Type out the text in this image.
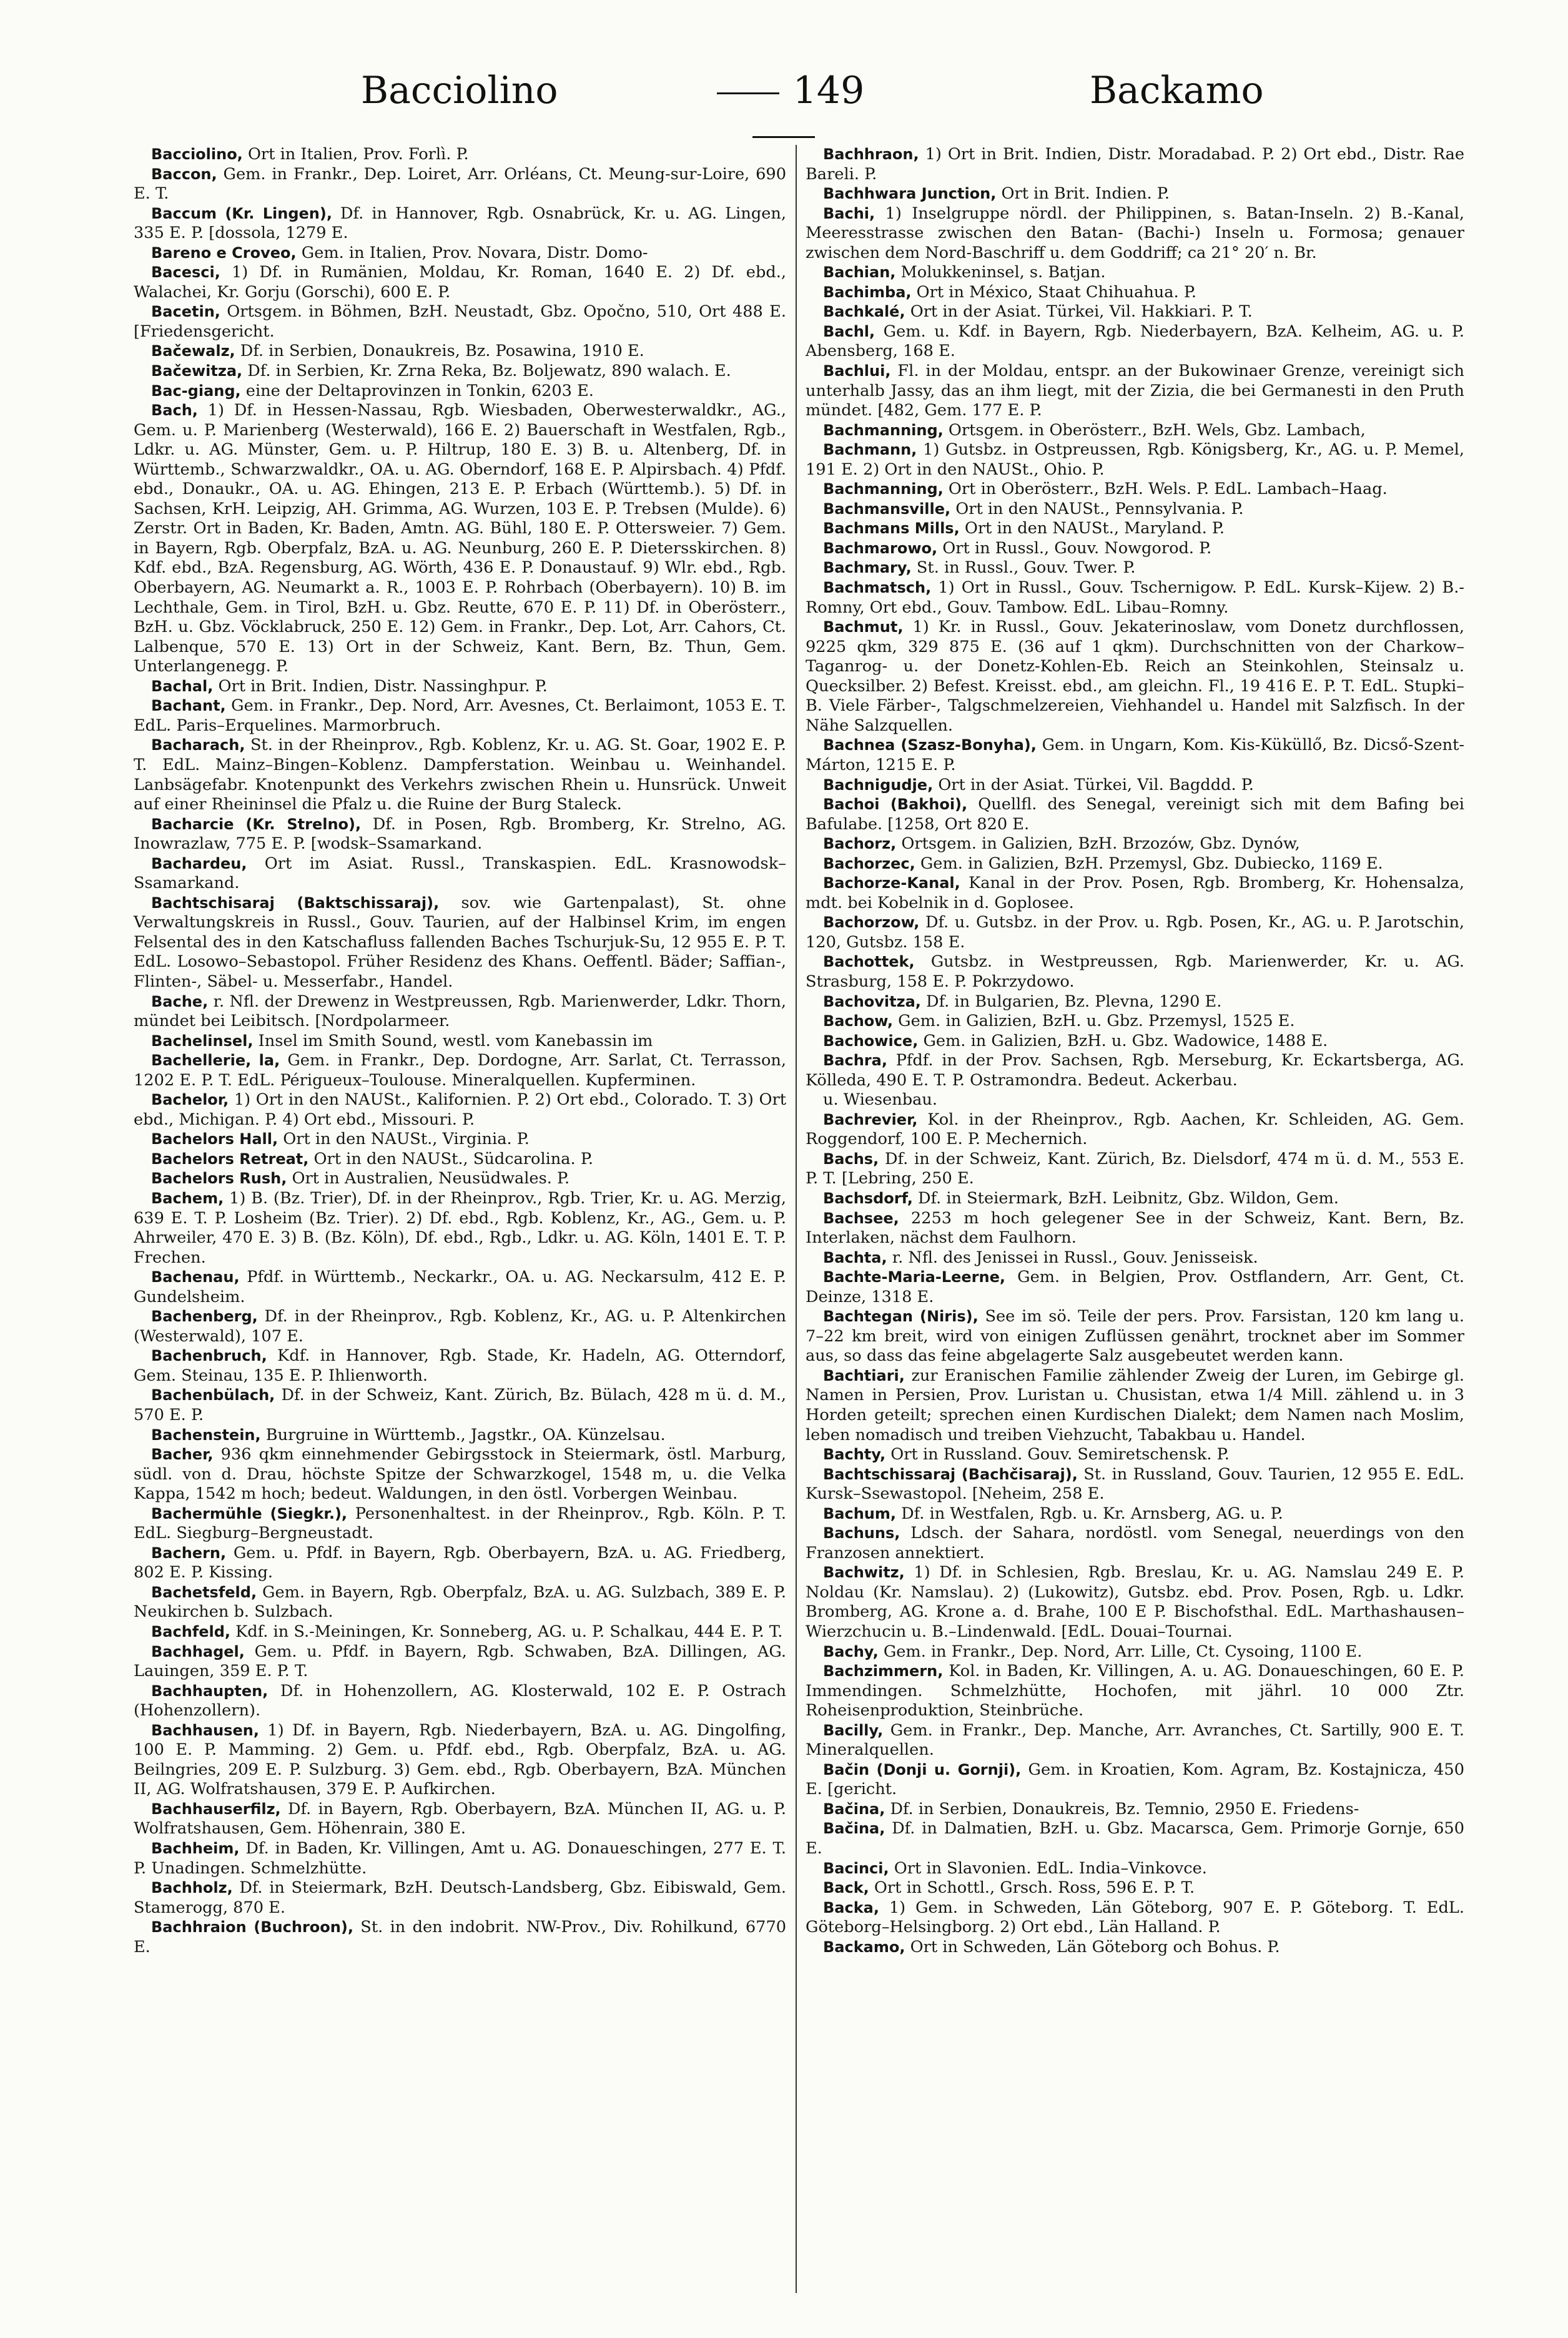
Bacciolino	149	Backamo

Bacciolino, Ort in Italien, Prov. Forlì. P.

Baccon, Gem. in Frankr., Dep. Loiret, Arr. Orléans, Ct. Meung-sur-Loire, 690 E. T.

Baccum (Kr. Lingen), Df. in Hannover, Rgb. Osnabrück, Kr. u. AG. Lingen, 335 E. P. [dossola, 1279 E.

Bareno e Croveo, Gem. in Italien, Prov. Novara, Distr. Domo-

Bacesci, 1) Df. in Rumänien, Moldau, Kr. Roman, 1640 E. 2) Df. ebd., Walachei, Kr. Gorju (Gorschi), 600 E. P.

Bacetin, Ortsgem. in Böhmen, BzH. Neustadt, Gbz. Opočno, 510, Ort 488 E. [Friedensgericht.

Bačewalz, Df. in Serbien, Donaukreis, Bz. Posawina, 1910 E.

Bačewitza, Df. in Serbien, Kr. Zrna Reka, Bz. Boljewatz, 890 walach. E.

Bac-giang, eine der Deltaprovinzen in Tonkin, 6203 E.

Bach, 1) Df. in Hessen-Nassau, Rgb. Wiesbaden, Oberwesterwaldkr., AG., Gem. u. P. Marienberg (Westerwald), 166 E. 2) Bauerschaft in Westfalen, Rgb., Ldkr. u. AG. Münster, Gem. u. P. Hiltrup, 180 E. 3) B. u. Altenberg, Df. in Württemb., Schwarzwaldkr., OA. u. AG. Oberndorf, 168 E. P. Alpirsbach. 4) Pfdf. ebd., Donaukr., OA. u. AG. Ehingen, 213 E. P. Erbach (Württemb.). 5) Df. in Sachsen, KrH. Leipzig, AH. Grimma, AG. Wurzen, 103 E. P. Trebsen (Mulde). 6) Zerstr. Ort in Baden, Kr. Baden, Amtn. AG. Bühl, 180 E. P. Ottersweier. 7) Gem. in Bayern, Rgb. Oberpfalz, BzA. u. AG. Neunburg, 260 E. P. Dietersskirchen. 8) Kdf. ebd., BzA. Regensburg, AG. Wörth, 436 E. P. Donaustauf. 9) Wlr. ebd., Rgb. Oberbayern, AG. Neumarkt a. R., 1003 E. P. Rohrbach (Oberbayern). 10) B. im Lechthale, Gem. in Tirol, BzH. u. Gbz. Reutte, 670 E. P. 11) Df. in Oberösterr., BzH. u. Gbz. Vöcklabruck, 250 E. 12) Gem. in Frankr., Dep. Lot, Arr. Cahors, Ct. Lalbenque, 570 E. 13) Ort in der Schweiz, Kant. Bern, Bz. Thun, Gem. Unterlangenegg. P.

Bachal, Ort in Brit. Indien, Distr. Nassinghpur. P.

Bachant, Gem. in Frankr., Dep. Nord, Arr. Avesnes, Ct. Berlaimont, 1053 E. T. EdL. Paris–Erquelines. Marmorbruch.

Bacharach, St. in der Rheinprov., Rgb. Koblenz, Kr. u. AG. St. Goar, 1902 E. P. T. EdL. Mainz–Bingen–Koblenz. Dampferstation. Weinbau u. Weinhandel. Lanbsägefabr. Knotenpunkt des Verkehrs zwischen Rhein u. Hunsrück. Unweit auf einer Rheininsel die Pfalz u. die Ruine der Burg Staleck.

Bacharcie (Kr. Strelno), Df. in Posen, Rgb. Bromberg, Kr. Strelno, AG. Inowrazlaw, 775 E. P. [wodsk–Ssamarkand.

Bachardeu, Ort im Asiat. Russl., Transkaspien. EdL. Krasnowodsk–Ssamarkand.

Bachtschisaraj (Baktschissaraj), sov. wie Gartenpalast), St. ohne Verwaltungskreis in Russl., Gouv. Taurien, auf der Halbinsel Krim, im engen Felsental des in den Katschafluss fallenden Baches Tschurjuk-Su, 12 955 E. P. T. EdL. Losowo–Sebastopol. Früher Residenz des Khans. Oeffentl. Bäder; Saffian-, Flinten-, Säbel- u. Messerfabr., Handel.

Bache, r. Nfl. der Drewenz in Westpreussen, Rgb. Marienwerder, Ldkr. Thorn, mündet bei Leibitsch. [Nordpolarmeer.

Bachelinsel, Insel im Smith Sound, westl. vom Kanebassin im

Bachellerie, la, Gem. in Frankr., Dep. Dordogne, Arr. Sarlat, Ct. Terrasson, 1202 E. P. T. EdL. Périgueux–Toulouse. Mineralquellen. Kupferminen.

Bachelor, 1) Ort in den NAUSt., Kalifornien. P. 2) Ort ebd., Colorado. T. 3) Ort ebd., Michigan. P. 4) Ort ebd., Missouri. P.

Bachelors Hall, Ort in den NAUSt., Virginia. P.

Bachelors Retreat, Ort in den NAUSt., Südcarolina. P.

Bachelors Rush, Ort in Australien, Neusüdwales. P.

Bachem, 1) B. (Bz. Trier), Df. in der Rheinprov., Rgb. Trier, Kr. u. AG. Merzig, 639 E. T. P. Losheim (Bz. Trier). 2) Df. ebd., Rgb. Koblenz, Kr., AG., Gem. u. P. Ahrweiler, 470 E. 3) B. (Bz. Köln), Df. ebd., Rgb., Ldkr. u. AG. Köln, 1401 E. T. P. Frechen.

Bachenau, Pfdf. in Württemb., Neckarkr., OA. u. AG. Neckarsulm, 412 E. P. Gundelsheim.

Bachenberg, Df. in der Rheinprov., Rgb. Koblenz, Kr., AG. u. P. Altenkirchen (Westerwald), 107 E.

Bachenbruch, Kdf. in Hannover, Rgb. Stade, Kr. Hadeln, AG. Otterndorf, Gem. Steinau, 135 E. P. Ihlienworth.

Bachenbülach, Df. in der Schweiz, Kant. Zürich, Bz. Bülach, 428 m ü. d. M., 570 E. P.

Bachenstein, Burgruine in Württemb., Jagstkr., OA. Künzelsau.

Bacher, 936 qkm einnehmender Gebirgsstock in Steiermark, östl. Marburg, südl. von d. Drau, höchste Spitze der Schwarzkogel, 1548 m, u. die Velka Kappa, 1542 m hoch; bedeut. Waldungen, in den östl. Vorbergen Weinbau.

Bachermühle (Siegkr.), Personenhaltest. in der Rheinprov., Rgb. Köln. P. T. EdL. Siegburg–Bergneustadt.

Bachern, Gem. u. Pfdf. in Bayern, Rgb. Oberbayern, BzA. u. AG. Friedberg, 802 E. P. Kissing.

Bachetsfeld, Gem. in Bayern, Rgb. Oberpfalz, BzA. u. AG. Sulzbach, 389 E. P. Neukirchen b. Sulzbach.

Bachfeld, Kdf. in S.-Meiningen, Kr. Sonneberg, AG. u. P. Schalkau, 444 E. P. T.

Bachhagel, Gem. u. Pfdf. in Bayern, Rgb. Schwaben, BzA. Dillingen, AG. Lauingen, 359 E. P. T.

Bachhaupten, Df. in Hohenzollern, AG. Klosterwald, 102 E. P. Ostrach (Hohenzollern).

Bachhausen, 1) Df. in Bayern, Rgb. Niederbayern, BzA. u. AG. Dingolfing, 100 E. P. Mamming. 2) Gem. u. Pfdf. ebd., Rgb. Oberpfalz, BzA. u. AG. Beilngries, 209 E. P. Sulzburg. 3) Gem. ebd., Rgb. Oberbayern, BzA. München II, AG. Wolfratshausen, 379 E. P. Aufkirchen.

Bachhauserfilz, Df. in Bayern, Rgb. Oberbayern, BzA. München II, AG. u. P. Wolfratshausen, Gem. Höhenrain, 380 E.

Bachheim, Df. in Baden, Kr. Villingen, Amt u. AG. Donaueschingen, 277 E. T. P. Unadingen. Schmelzhütte.

Bachholz, Df. in Steiermark, BzH. Deutsch-Landsberg, Gbz. Eibiswald, Gem. Stamerogg, 870 E.

Bachhraion (Buchroon), St. in den indobrit. NW-Prov., Div. Rohilkund, 6770 E.

Bachhraon, 1) Ort in Brit. Indien, Distr. Moradabad. P. 2) Ort ebd., Distr. Rae Bareli. P.

Bachhwara Junction, Ort in Brit. Indien. P.

Bachi, 1) Inselgruppe nördl. der Philippinen, s. Batan-Inseln. 2) B.-Kanal, Meeresstrasse zwischen den Batan- (Bachi-) Inseln u. Formosa; genauer zwischen dem Nord-Baschriff u. dem Goddriff; ca 21° 20′ n. Br.

Bachian, Molukkeninsel, s. Batjan.

Bachimba, Ort in México, Staat Chihuahua. P.

Bachkalé, Ort in der Asiat. Türkei, Vil. Hakkiari. P. T.

Bachl, Gem. u. Kdf. in Bayern, Rgb. Niederbayern, BzA. Kelheim, AG. u. P. Abensberg, 168 E.

Bachlui, Fl. in der Moldau, entspr. an der Bukowinaer Grenze, vereinigt sich unterhalb Jassy, das an ihm liegt, mit der Zizia, die bei Germanesti in den Pruth mündet. [482, Gem. 177 E. P.

Bachmanning, Ortsgem. in Oberösterr., BzH. Wels, Gbz. Lambach,

Bachmann, 1) Gutsbz. in Ostpreussen, Rgb. Königsberg, Kr., AG. u. P. Memel, 191 E. 2) Ort in den NAUSt., Ohio. P.

Bachmanning, Ort in Oberösterr., BzH. Wels. P. EdL. Lambach–Haag.

Bachmansville, Ort in den NAUSt., Pennsylvania. P.

Bachmans Mills, Ort in den NAUSt., Maryland. P.

Bachmarowo, Ort in Russl., Gouv. Nowgorod. P.

Bachmary, St. in Russl., Gouv. Twer. P.

Bachmatsch, 1) Ort in Russl., Gouv. Tschernigow. P. EdL. Kursk–Kijew. 2) B.-Romny, Ort ebd., Gouv. Tambow. EdL. Libau–Romny.

Bachmut, 1) Kr. in Russl., Gouv. Jekaterinoslaw, vom Donetz durchflossen, 9225 qkm, 329 875 E. (36 auf 1 qkm). Durchschnitten von der Charkow–Taganrog- u. der Donetz-Kohlen-Eb. Reich an Steinkohlen, Steinsalz u. Quecksilber. 2) Befest. Kreisst. ebd., am gleichn. Fl., 19 416 E. P. T. EdL. Stupki–B. Viele Färber-, Talgschmelzereien, Viehhandel u. Handel mit Salzfisch. In der Nähe Salzquellen.

Bachnea (Szasz-Bonyha), Gem. in Ungarn, Kom. Kis-Küküllő, Bz. Dicső-Szent-Márton, 1215 E. P.

Bachnigudje, Ort in der Asiat. Türkei, Vil. Bagddd. P.

Bachoi (Bakhoi), Quellfl. des Senegal, vereinigt sich mit dem Bafing bei Bafulabe. [1258, Ort 820 E.

Bachorz, Ortsgem. in Galizien, BzH. Brzozów, Gbz. Dynów,

Bachorzec, Gem. in Galizien, BzH. Przemysl, Gbz. Dubiecko, 1169 E.

Bachorze-Kanal, Kanal in der Prov. Posen, Rgb. Bromberg, Kr. Hohensalza, mdt. bei Kobelnik in d. Goplosee.

Bachorzow, Df. u. Gutsbz. in der Prov. u. Rgb. Posen, Kr., AG. u. P. Jarotschin, 120, Gutsbz. 158 E.

Bachottek, Gutsbz. in Westpreussen, Rgb. Marienwerder, Kr. u. AG. Strasburg, 158 E. P. Pokrzydowo.

Bachovitza, Df. in Bulgarien, Bz. Plevna, 1290 E.

Bachow, Gem. in Galizien, BzH. u. Gbz. Przemysl, 1525 E.

Bachowice, Gem. in Galizien, BzH. u. Gbz. Wadowice, 1488 E.

Bachra, Pfdf. in der Prov. Sachsen, Rgb. Merseburg, Kr. Eckartsberga, AG. Kölleda, 490 E. T. P. Ostramondra. Bedeut. Ackerbau.

u. Wiesenbau.

Bachrevier, Kol. in der Rheinprov., Rgb. Aachen, Kr. Schleiden, AG. Gem. Roggendorf, 100 E. P. Mechernich.

Bachs, Df. in der Schweiz, Kant. Zürich, Bz. Dielsdorf, 474 m ü. d. M., 553 E. P. T. [Lebring, 250 E.

Bachsdorf, Df. in Steiermark, BzH. Leibnitz, Gbz. Wildon, Gem.

Bachsee, 2253 m hoch gelegener See in der Schweiz, Kant. Bern, Bz. Interlaken, nächst dem Faulhorn.

Bachta, r. Nfl. des Jenissei in Russl., Gouv. Jenisseisk.

Bachte-Maria-Leerne, Gem. in Belgien, Prov. Ostflandern, Arr. Gent, Ct. Deinze, 1318 E.

Bachtegan (Niris), See im sö. Teile der pers. Prov. Farsistan, 120 km lang u. 7–22 km breit, wird von einigen Zuflüssen genährt, trocknet aber im Sommer aus, so dass das feine abgelagerte Salz ausgebeutet werden kann.

Bachtiari, zur Eranischen Familie zählender Zweig der Luren, im Gebirge gl. Namen in Persien, Prov. Luristan u. Chusistan, etwa 1/4 Mill. zählend u. in 3 Horden geteilt; sprechen einen Kurdischen Dialekt; dem Namen nach Moslim, leben nomadisch und treiben Viehzucht, Tabakbau u. Handel.

Bachty, Ort in Russland. Gouv. Semiretschensk. P.

Bachtschissaraj (Bachčisaraj), St. in Russland, Gouv. Taurien, 12 955 E. EdL. Kursk–Ssewastopol. [Neheim, 258 E.

Bachum, Df. in Westfalen, Rgb. u. Kr. Arnsberg, AG. u. P.

Bachuns, Ldsch. der Sahara, nordöstl. vom Senegal, neuerdings von den Franzosen annektiert.

Bachwitz, 1) Df. in Schlesien, Rgb. Breslau, Kr. u. AG. Namslau 249 E. P. Noldau (Kr. Namslau). 2) (Lukowitz), Gutsbz. ebd. Prov. Posen, Rgb. u. Ldkr. Bromberg, AG. Krone a. d. Brahe, 100 E P. Bischofsthal. EdL. Marthashausen–Wierzchucin u. B.–Lindenwald. [EdL. Douai–Tournai.

Bachy, Gem. in Frankr., Dep. Nord, Arr. Lille, Ct. Cysoing, 1100 E.

Bachzimmern, Kol. in Baden, Kr. Villingen, A. u. AG. Donaueschingen, 60 E. P. Immendingen. Schmelzhütte, Hochofen, mit jährl. 10 000 Ztr. Roheisenproduktion, Steinbrüche.

Bacilly, Gem. in Frankr., Dep. Manche, Arr. Avranches, Ct. Sartilly, 900 E. T. Mineralquellen.

Bačin (Donji u. Gornji), Gem. in Kroatien, Kom. Agram, Bz. Kostajnicza, 450 E. [gericht.

Bačina, Df. in Serbien, Donaukreis, Bz. Temnio, 2950 E. Friedens-

Bačina, Df. in Dalmatien, BzH. u. Gbz. Macarsca, Gem. Primorje Gornje, 650 E.

Bacinci, Ort in Slavonien. EdL. India–Vinkovce.

Back, Ort in Schottl., Grsch. Ross, 596 E. P. T.

Backa, 1) Gem. in Schweden, Län Göteborg, 907 E. P. Göteborg. T. EdL. Göteborg–Helsingborg. 2) Ort ebd., Län Halland. P.

Backamo, Ort in Schweden, Län Göteborg och Bohus. P.
